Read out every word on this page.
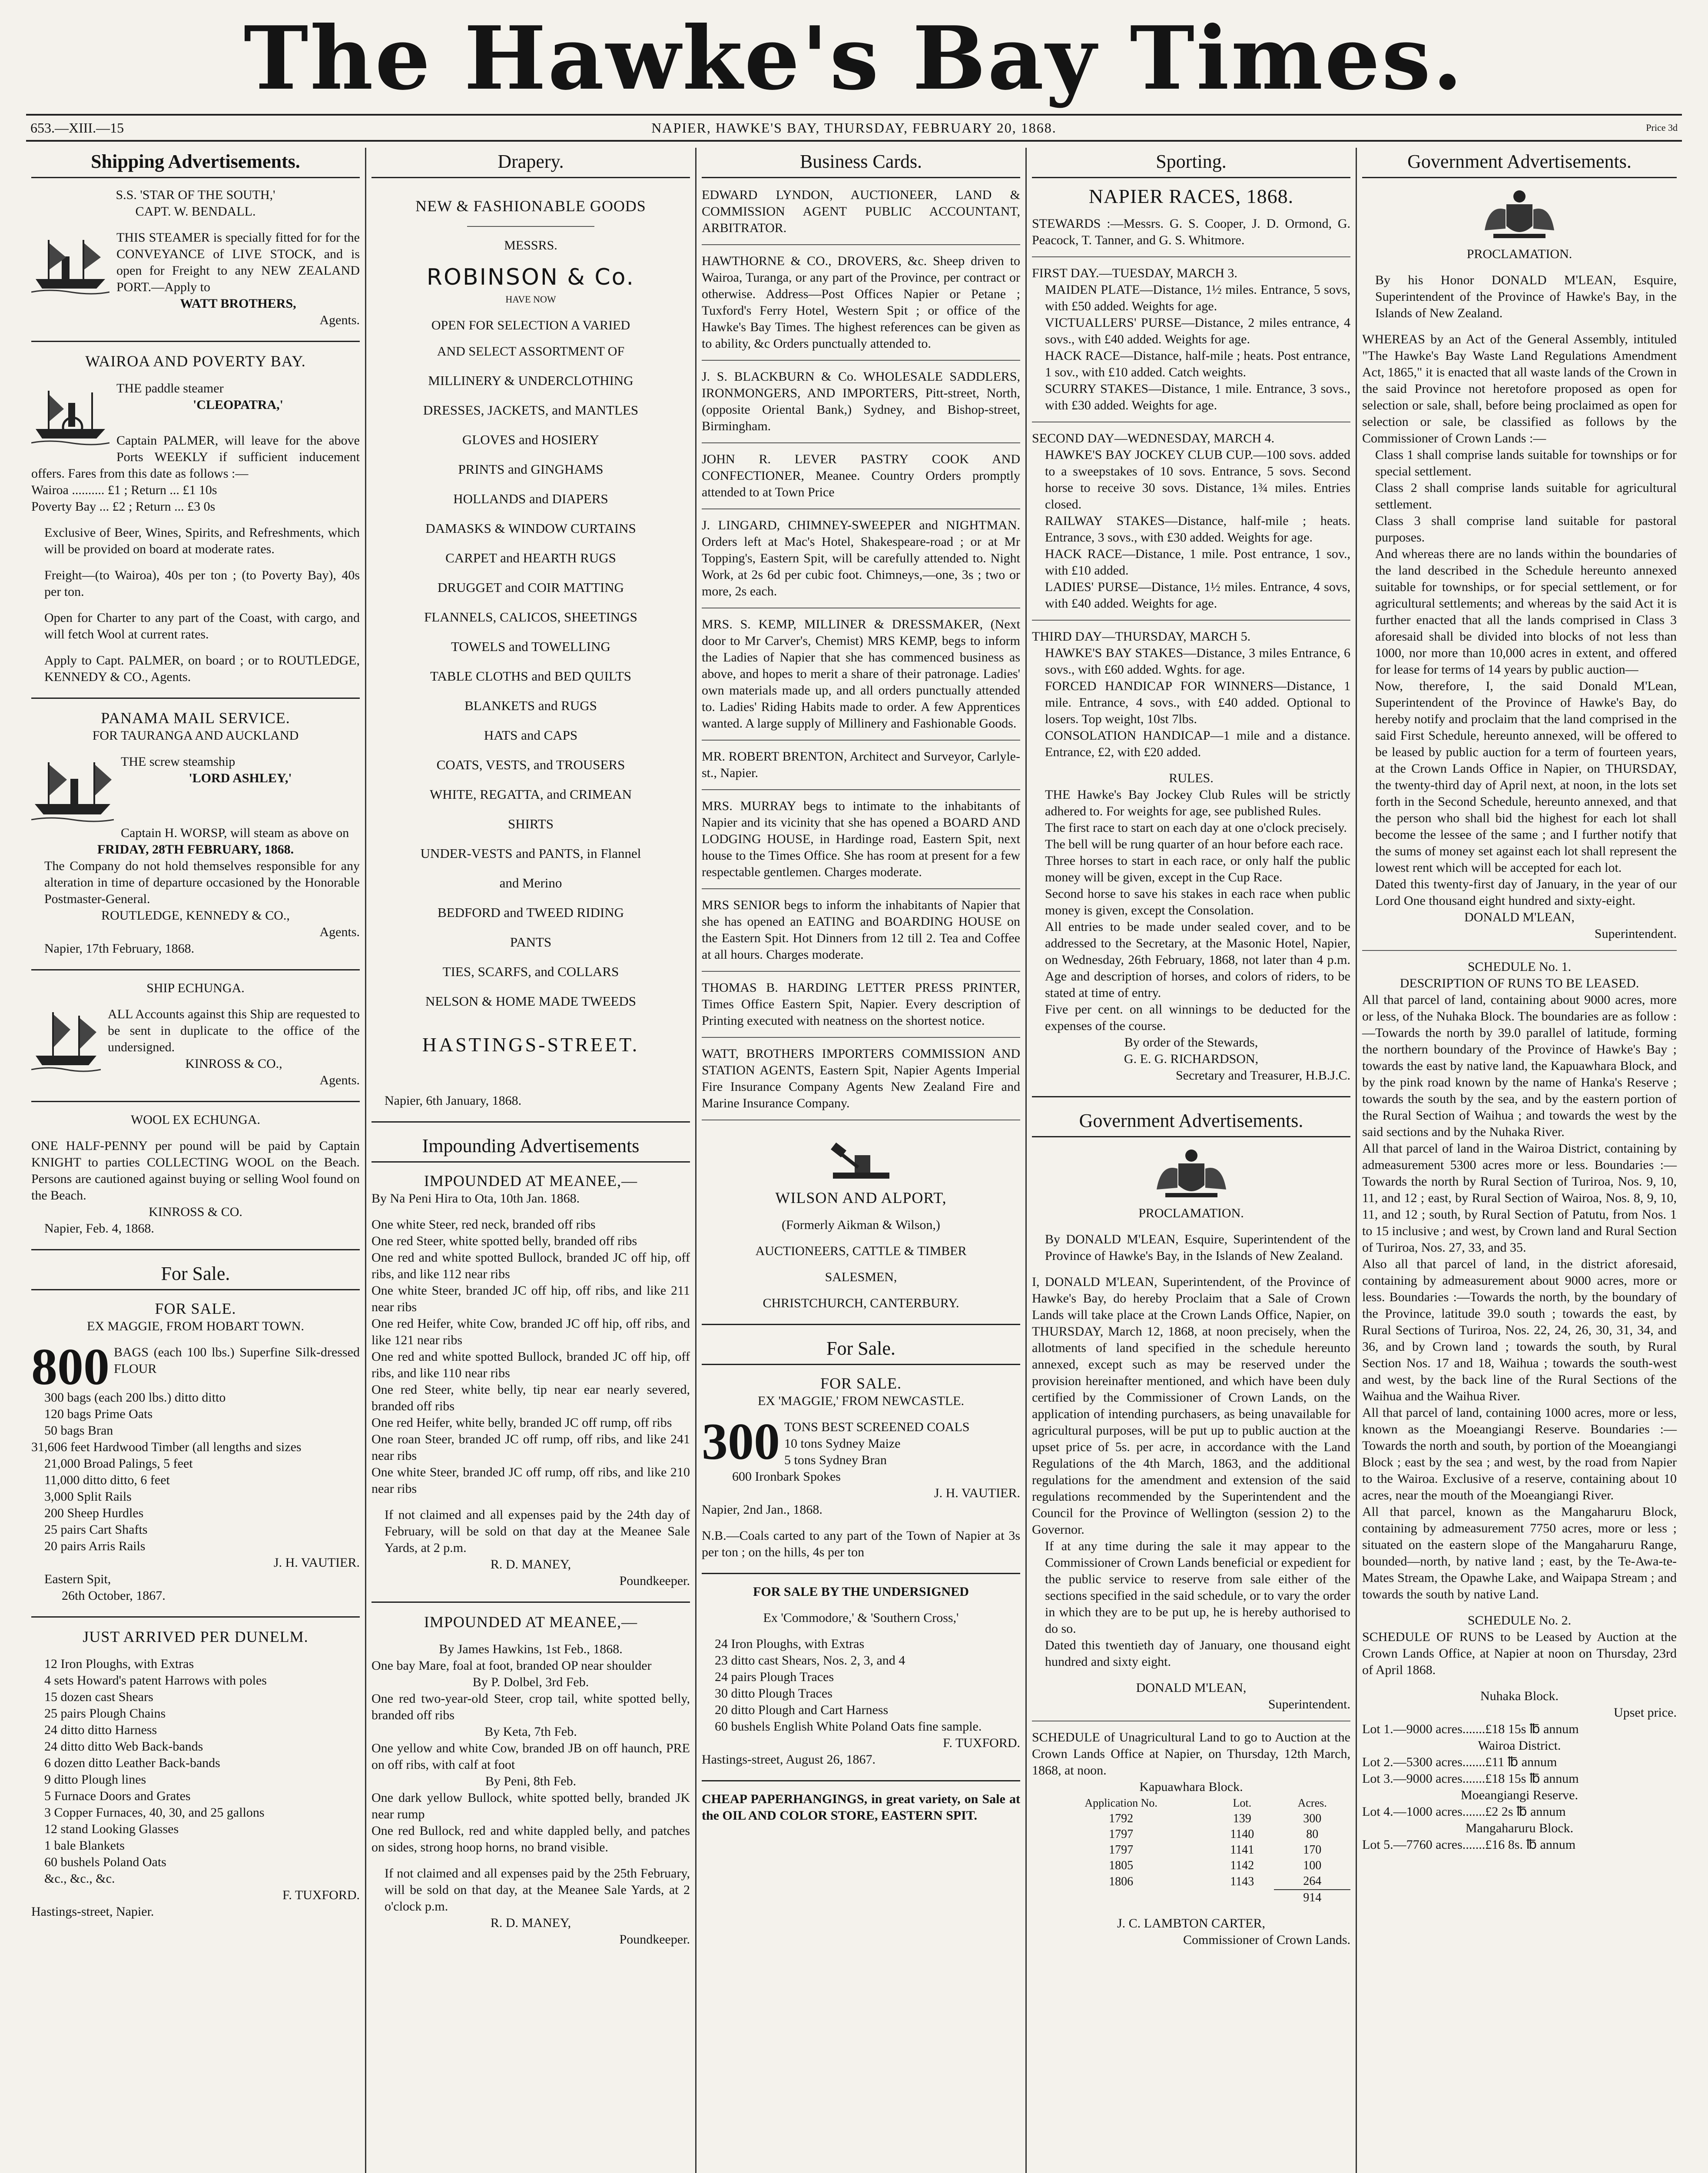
The Hawke's Bay Times.
653.—XIII.—15	NAPIER, HAWKE'S BAY, THURSDAY, FEBRUARY 20, 1868.	Price 3d
Shipping Advertisements.

S.S. 'STAR OF THE SOUTH,'

CAPT. W. BENDALL.

THIS STEAMER is specially fitted for for the CONVEYANCE of LIVE STOCK, and is open for Freight to any NEW ZEALAND PORT.—Apply to

WATT BROTHERS,

Agents.

WAIROA AND POVERTY BAY.

THE paddle steamer

'CLEOPATRA,'

Captain PALMER, will leave for the above Ports WEEKLY if sufficient inducement offers. Fares from this date as follows :—

Wairoa .......... £1 ; Return ... £1 10s

Poverty Bay ... £2 ; Return ... £3 0s

Exclusive of Beer, Wines, Spirits, and Refreshments, which will be provided on board at moderate rates.

Freight—(to Wairoa), 40s per ton ; (to Poverty Bay), 40s per ton.

Open for Charter to any part of the Coast, with cargo, and will fetch Wool at current rates.

Apply to Capt. PALMER, on board ; or to ROUTLEDGE, KENNEDY & CO., Agents.

PANAMA MAIL SERVICE.

FOR TAURANGA AND AUCKLAND

THE screw steamship

'LORD ASHLEY,'

Captain H. WORSP, will steam as above on

FRIDAY, 28TH FEBRUARY, 1868.

The Company do not hold themselves responsible for any alteration in time of departure occasioned by the Honorable Postmaster-General.

ROUTLEDGE, KENNEDY & CO.,

Agents.

Napier, 17th February, 1868.

SHIP ECHUNGA.

ALL Accounts against this Ship are requested to be sent in duplicate to the office of the undersigned.

KINROSS & CO.,

Agents.

WOOL EX ECHUNGA.

ONE HALF-PENNY per pound will be paid by Captain KNIGHT to parties COLLECTING WOOL on the Beach. Persons are cautioned against buying or selling Wool found on the Beach.

KINROSS & CO.

Napier, Feb. 4, 1868.

For Sale.

FOR SALE.

EX MAGGIE, FROM HOBART TOWN.

800 BAGS (each 100 lbs.) Superfine Silk-dressed FLOUR

300 bags (each 200 lbs.) ditto ditto

120 bags Prime Oats

50 bags Bran

31,606 feet Hardwood Timber (all lengths and sizes

21,000 Broad Palings, 5 feet

11,000 ditto ditto, 6 feet

3,000 Split Rails

200 Sheep Hurdles

25 pairs Cart Shafts

20 pairs Arris Rails

J. H. VAUTIER.

Eastern Spit,

26th October, 1867.

JUST ARRIVED PER DUNELM.

12 Iron Ploughs, with Extras

4 sets Howard's patent Harrows with poles

15 dozen cast Shears

25 pairs Plough Chains

24 ditto ditto Harness

24 ditto ditto Web Back-bands

6 dozen ditto Leather Back-bands

9 ditto Plough lines

5 Furnace Doors and Grates

3 Copper Furnaces, 40, 30, and 25 gallons

12 stand Looking Glasses

1 bale Blankets

60 bushels Poland Oats

&c., &c., &c.

F. TUXFORD.

Hastings-street, Napier.

Drapery.

NEW & FASHIONABLE GOODS

MESSRS.

ROBINSON & Co.

HAVE NOW

OPEN FOR SELECTION A VARIED

AND SELECT ASSORTMENT OF

MILLINERY & UNDERCLOTHING

DRESSES, JACKETS, and MANTLES

GLOVES and HOSIERY

PRINTS and GINGHAMS

HOLLANDS and DIAPERS

DAMASKS & WINDOW CURTAINS

CARPET and HEARTH RUGS

DRUGGET and COIR MATTING

FLANNELS, CALICOS, SHEETINGS

TOWELS and TOWELLING

TABLE CLOTHS and BED QUILTS

BLANKETS and RUGS

HATS and CAPS

COATS, VESTS, and TROUSERS

WHITE, REGATTA, and CRIMEAN

SHIRTS

UNDER-VESTS and PANTS, in Flannel

and Merino

BEDFORD and TWEED RIDING

PANTS

TIES, SCARFS, and COLLARS

NELSON & HOME MADE TWEEDS

HASTINGS-STREET.

Napier, 6th January, 1868.

Impounding Advertisements

IMPOUNDED AT MEANEE,—

By Na Peni Hira to Ota, 10th Jan. 1868.

One white Steer, red neck, branded off ribs

One red Steer, white spotted belly, branded off ribs

One red and white spotted Bullock, branded JC off hip, off ribs, and like 112 near ribs

One white Steer, branded JC off hip, off ribs, and like 211 near ribs

One red Heifer, white Cow, branded JC off hip, off ribs, and like 121 near ribs

One red and white spotted Bullock, branded JC off hip, off ribs, and like 110 near ribs

One red Steer, white belly, tip near ear nearly severed, branded off ribs

One red Heifer, white belly, branded JC off rump, off ribs

One roan Steer, branded JC off rump, off ribs, and like 241 near ribs

One white Steer, branded JC off rump, off ribs, and like 210 near ribs

If not claimed and all expenses paid by the 24th day of February, will be sold on that day at the Meanee Sale Yards, at 2 p.m.

R. D. MANEY,

Poundkeeper.

IMPOUNDED AT MEANEE,—

By James Hawkins, 1st Feb., 1868.

One bay Mare, foal at foot, branded OP near shoulder

By P. Dolbel, 3rd Feb.

One red two-year-old Steer, crop tail, white spotted belly, branded off ribs

By Keta, 7th Feb.

One yellow and white Cow, branded JB on off haunch, PRE on off ribs, with calf at foot

By Peni, 8th Feb.

One dark yellow Bullock, white spotted belly, branded JK near rump

One red Bullock, red and white dappled belly, and patches on sides, strong hoop horns, no brand visible.

If not claimed and all expenses paid by the 25th February, will be sold on that day, at the Meanee Sale Yards, at 2 o'clock p.m.

R. D. MANEY,

Poundkeeper.

Business Cards.

EDWARD LYNDON, AUCTIONEER, LAND & COMMISSION AGENT PUBLIC ACCOUNTANT, ARBITRATOR.

HAWTHORNE & CO., DROVERS, &c. Sheep driven to Wairoa, Turanga, or any part of the Province, per contract or otherwise. Address—Post Offices Napier or Petane ; Tuxford's Ferry Hotel, Western Spit ; or office of the Hawke's Bay Times. The highest references can be given as to ability, &c Orders punctually attended to.

J. S. BLACKBURN & Co. WHOLESALE SADDLERS, IRONMONGERS, AND IMPORTERS, Pitt-street, North, (opposite Oriental Bank,) Sydney, and Bishop-street, Birmingham.

JOHN R. LEVER PASTRY COOK AND CONFECTIONER, Meanee. Country Orders promptly attended to at Town Price

J. LINGARD, CHIMNEY-SWEEPER and NIGHTMAN. Orders left at Mac's Hotel, Shakespeare-road ; or at Mr Topping's, Eastern Spit, will be carefully attended to. Night Work, at 2s 6d per cubic foot. Chimneys,—one, 3s ; two or more, 2s each.

MRS. S. KEMP, MILLINER & DRESSMAKER, (Next door to Mr Carver's, Chemist) MRS KEMP, begs to inform the Ladies of Napier that she has commenced business as above, and hopes to merit a share of their patronage. Ladies' own materials made up, and all orders punctually attended to. Ladies' Riding Habits made to order. A few Apprentices wanted. A large supply of Millinery and Fashionable Goods.

MR. ROBERT BRENTON, Architect and Surveyor, Carlyle-st., Napier.

MRS. MURRAY begs to intimate to the inhabitants of Napier and its vicinity that she has opened a BOARD AND LODGING HOUSE, in Hardinge road, Eastern Spit, next house to the Times Office. She has room at present for a few respectable gentlemen. Charges moderate.

MRS SENIOR begs to inform the inhabitants of Napier that she has opened an EATING and BOARDING HOUSE on the Eastern Spit. Hot Dinners from 12 till 2. Tea and Coffee at all hours. Charges moderate.

THOMAS B. HARDING LETTER PRESS PRINTER, Times Office Eastern Spit, Napier. Every description of Printing executed with neatness on the shortest notice.

WATT, BROTHERS IMPORTERS COMMISSION AND STATION AGENTS, Eastern Spit, Napier Agents Imperial Fire Insurance Company Agents New Zealand Fire and Marine Insurance Company.

WILSON AND ALPORT,

(Formerly Aikman & Wilson,)

AUCTIONEERS, CATTLE & TIMBER

SALESMEN,

CHRISTCHURCH, CANTERBURY.

For Sale.

FOR SALE.

EX 'MAGGIE,' FROM NEWCASTLE.

300 TONS BEST SCREENED COALS

10 tons Sydney Maize

5 tons Sydney Bran

600 Ironbark Spokes

J. H. VAUTIER.

Napier, 2nd Jan., 1868.

N.B.—Coals carted to any part of the Town of Napier at 3s per ton ; on the hills, 4s per ton

FOR SALE BY THE UNDERSIGNED

Ex 'Commodore,' & 'Southern Cross,'

24 Iron Ploughs, with Extras

23 ditto cast Shears, Nos. 2, 3, and 4

24 pairs Plough Traces

30 ditto Plough Traces

20 ditto Plough and Cart Harness

60 bushels English White Poland Oats fine sample.

F. TUXFORD.

Hastings-street, August 26, 1867.

CHEAP PAPERHANGINGS, in great variety, on Sale at the OIL AND COLOR STORE, EASTERN SPIT.

Sporting.

NAPIER RACES, 1868.

STEWARDS :—Messrs. G. S. Cooper, J. D. Ormond, G. Peacock, T. Tanner, and G. S. Whitmore.

FIRST DAY.—TUESDAY, MARCH 3.

MAIDEN PLATE—Distance, 1½ miles. Entrance, 5 sovs, with £50 added. Weights for age.

VICTUALLERS' PURSE—Distance, 2 miles entrance, 4 sovs., with £40 added. Weights for age.

HACK RACE—Distance, half-mile ; heats. Post entrance, 1 sov., with £10 added. Catch weights.

SCURRY STAKES—Distance, 1 mile. Entrance, 3 sovs., with £30 added. Weights for age.

SECOND DAY—WEDNESDAY, MARCH 4.

HAWKE'S BAY JOCKEY CLUB CUP.—100 sovs. added to a sweepstakes of 10 sovs. Entrance, 5 sovs. Second horse to receive 30 sovs. Distance, 1¾ miles. Entries closed.

RAILWAY STAKES—Distance, half-mile ; heats. Entrance, 3 sovs., with £30 added. Weights for age.

HACK RACE—Distance, 1 mile. Post entrance, 1 sov., with £10 added.

LADIES' PURSE—Distance, 1½ miles. Entrance, 4 sovs, with £40 added. Weights for age.

THIRD DAY—THURSDAY, MARCH 5.

HAWKE'S BAY STAKES—Distance, 3 miles Entrance, 6 sovs., with £60 added. Wghts. for age.

FORCED HANDICAP FOR WINNERS—Distance, 1 mile. Entrance, 4 sovs., with £40 added. Optional to losers. Top weight, 10st 7lbs.

CONSOLATION HANDICAP—1 mile and a distance. Entrance, £2, with £20 added.

RULES.

THE Hawke's Bay Jockey Club Rules will be strictly adhered to. For weights for age, see published Rules.

The first race to start on each day at one o'clock precisely.

The bell will be rung quarter of an hour before each race.

Three horses to start in each race, or only half the public money will be given, except in the Cup Race.

Second horse to save his stakes in each race when public money is given, except the Consolation.

All entries to be made under sealed cover, and to be addressed to the Secretary, at the Masonic Hotel, Napier, on Wednesday, 26th February, 1868, not later than 4 p.m. Age and description of horses, and colors of riders, to be stated at time of entry.

Five per cent. on all winnings to be deducted for the expenses of the course.

By order of the Stewards,

G. E. G. RICHARDSON,

Secretary and Treasurer, H.B.J.C.

Government Advertisements.

PROCLAMATION.

By DONALD M'LEAN, Esquire, Superintendent of the Province of Hawke's Bay, in the Islands of New Zealand.

I, DONALD M'LEAN, Superintendent, of the Province of Hawke's Bay, do hereby Proclaim that a Sale of Crown Lands will take place at the Crown Lands Office, Napier, on THURSDAY, March 12, 1868, at noon precisely, when the allotments of land specified in the schedule hereunto annexed, except such as may be reserved under the provision hereinafter mentioned, and which have been duly certified by the Commissioner of Crown Lands, on the application of intending purchasers, as being unavailable for agricultural purposes, will be put up to public auction at the upset price of 5s. per acre, in accordance with the Land Regulations of the 4th March, 1863, and the additional regulations for the amendment and extension of the said regulations recommended by the Superintendent and the Council for the Province of Wellington (session 2) to the Governor.

If at any time during the sale it may appear to the Commissioner of Crown Lands beneficial or expedient for the public service to reserve from sale either of the sections specified in the said schedule, or to vary the order in which they are to be put up, he is hereby authorised to do so.

Dated this twentieth day of January, one thousand eight hundred and sixty eight.

DONALD M'LEAN,

Superintendent.

SCHEDULE of Unagricultural Land to go to Auction at the Crown Lands Office at Napier, on Thursday, 12th March, 1868, at noon.

Kapuawhara Block.

Application No.	Lot.	Acres.
1792	139	300
1797	1140	80
1797	1141	170
1805	1142	100
1806	1143	264
		914

J. C. LAMBTON CARTER,

Commissioner of Crown Lands.

Government Advertisements.

PROCLAMATION.

By his Honor DONALD M'LEAN, Esquire, Superintendent of the Province of Hawke's Bay, in the Islands of New Zealand.

WHEREAS by an Act of the General Assembly, intituled "The Hawke's Bay Waste Land Regulations Amendment Act, 1865," it is enacted that all waste lands of the Crown in the said Province not heretofore proposed as open for selection or sale, shall, before being proclaimed as open for selection or sale, be classified as follows by the Commissioner of Crown Lands :—

Class 1 shall comprise lands suitable for townships or for special settlement.

Class 2 shall comprise lands suitable for agricultural settlement.

Class 3 shall comprise land suitable for pastoral purposes.

And whereas there are no lands within the boundaries of the land described in the Schedule hereunto annexed suitable for townships, or for special settlement, or for agricultural settlements; and whereas by the said Act it is further enacted that all the lands comprised in Class 3 aforesaid shall be divided into blocks of not less than 1000, nor more than 10,000 acres in extent, and offered for lease for terms of 14 years by public auction—

Now, therefore, I, the said Donald M'Lean, Superintendent of the Province of Hawke's Bay, do hereby notify and proclaim that the land comprised in the said First Schedule, hereunto annexed, will be offered to be leased by public auction for a term of fourteen years, at the Crown Lands Office in Napier, on THURSDAY, the twenty-third day of April next, at noon, in the lots set forth in the Second Schedule, hereunto annexed, and that the person who shall bid the highest for each lot shall become the lessee of the same ; and I further notify that the sums of money set against each lot shall represent the lowest rent which will be accepted for each lot.

Dated this twenty-first day of January, in the year of our Lord One thousand eight hundred and sixty-eight.

DONALD M'LEAN,

Superintendent.

SCHEDULE No. 1.

DESCRIPTION OF RUNS TO BE LEASED.

All that parcel of land, containing about 9000 acres, more or less, of the Nuhaka Block. The boundaries are as follow :—Towards the north by 39.0 parallel of latitude, forming the northern boundary of the Province of Hawke's Bay ; towards the east by native land, the Kapuawhara Block, and by the pink road known by the name of Hanka's Reserve ; towards the south by the sea, and by the eastern portion of the Rural Section of Waihua ; and towards the west by the said sections and by the Nuhaka River.

All that parcel of land in the Wairoa District, containing by admeasurement 5300 acres more or less. Boundaries :—Towards the north by Rural Section of Turiroa, Nos. 9, 10, 11, and 12 ; east, by Rural Section of Wairoa, Nos. 8, 9, 10, 11, and 12 ; south, by Rural Section of Patutu, from Nos. 1 to 15 inclusive ; and west, by Crown land and Rural Section of Turiroa, Nos. 27, 33, and 35.

Also all that parcel of land, in the district aforesaid, containing by admeasurement about 9000 acres, more or less. Boundaries :—Towards the north, by the boundary of the Province, latitude 39.0 south ; towards the east, by Rural Sections of Turiroa, Nos. 22, 24, 26, 30, 31, 34, and 36, and by Crown land ; towards the south, by Rural Section Nos. 17 and 18, Waihua ; towards the south-west and west, by the back line of the Rural Sections of the Waihua and the Waihua River.

All that parcel of land, containing 1000 acres, more or less, known as the Moeangiangi Reserve. Boundaries :—Towards the north and south, by portion of the Moeangiangi Block ; east by the sea ; and west, by the road from Napier to the Wairoa. Exclusive of a reserve, containing about 10 acres, near the mouth of the Moeangiangi River.

All that parcel, known as the Mangaharuru Block, containing by admeasurement 7750 acres, more or less ; situated on the eastern slope of the Mangaharuru Range, bounded—north, by native land ; east, by the Te-Awa-te-Mates Stream, the Opawhe Lake, and Waipapa Stream ; and towards the south by native Land.

SCHEDULE No. 2.

SCHEDULE OF RUNS to be Leased by Auction at the Crown Lands Office, at Napier at noon on Thursday, 23rd of April 1868.

Nuhaka Block.

Upset price.

Lot 1.—9000 acres.......£18 15s ℔ annum

Wairoa District.

Lot 2.—5300 acres.......£11 ℔ annum

Lot 3.—9000 acres.......£18 15s ℔ annum

Moeangiangi Reserve.

Lot 4.—1000 acres.......£2 2s ℔ annum

Mangaharuru Block.

Lot 5.—7760 acres.......£16 8s. ℔ annum
